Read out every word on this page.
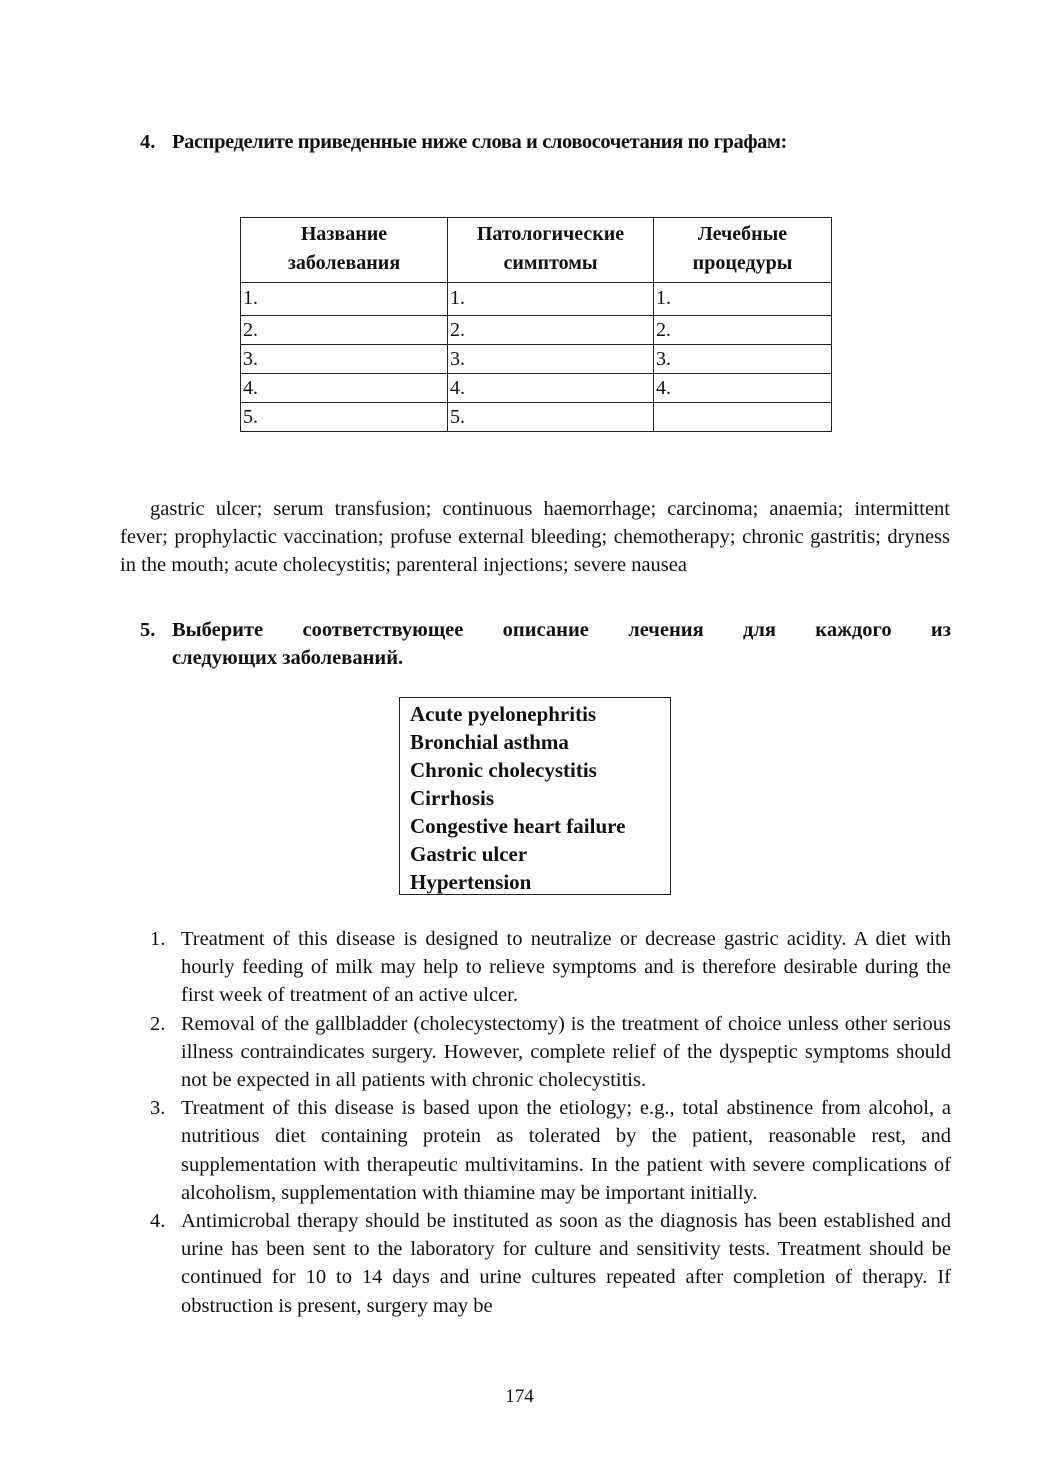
4. Распределите приведенные ниже слова и словосочетания по графам:
Название заболевания	Патологические симптомы	Лечебные процедуры
1.	1.	1.
2.	2.	2.
3.	3.	3.
4.	4.	4.
5.	5.	

gastric ulcer; serum transfusion; continuous haemorrhage; carcinoma; anaemia; intermittent fever; prophylactic vaccination; profuse external bleeding; chemotherapy; chronic gastritis; dryness in the mouth; acute cholecystitis; parenteral injections; severe nausea

5. Выберите соответствующее описание лечения для каждого из
следующих заболеваний.
Acute pyelonephritis
Bronchial asthma
Chronic cholecystitis
Cirrhosis
Congestive heart failure
Gastric ulcer
Hypertension
1. Treatment of this disease is designed to neutralize or decrease gastric acidity. A diet with hourly feeding of milk may help to relieve symptoms and is therefore desirable during the first week of treatment of an active ulcer.
2. Removal of the gallbladder (cholecystectomy) is the treatment of choice unless other serious illness contraindicates surgery. However, complete relief of the dyspeptic symptoms should not be expected in all patients with chronic cholecystitis.
3. Treatment of this disease is based upon the etiology; e.g., total abstinence from alcohol, a nutritious diet containing protein as tolerated by the patient, reasonable rest, and supplementation with therapeutic multivitamins. In the patient with severe complications of alcoholism, supplementation with thiamine may be important initially.
4. Antimicrobal therapy should be instituted as soon as the diagnosis has been established and urine has been sent to the laboratory for culture and sensitivity tests. Treatment should be continued for 10 to 14 days and urine cultures repeated after completion of therapy. If obstruction is present, surgery may be
174
